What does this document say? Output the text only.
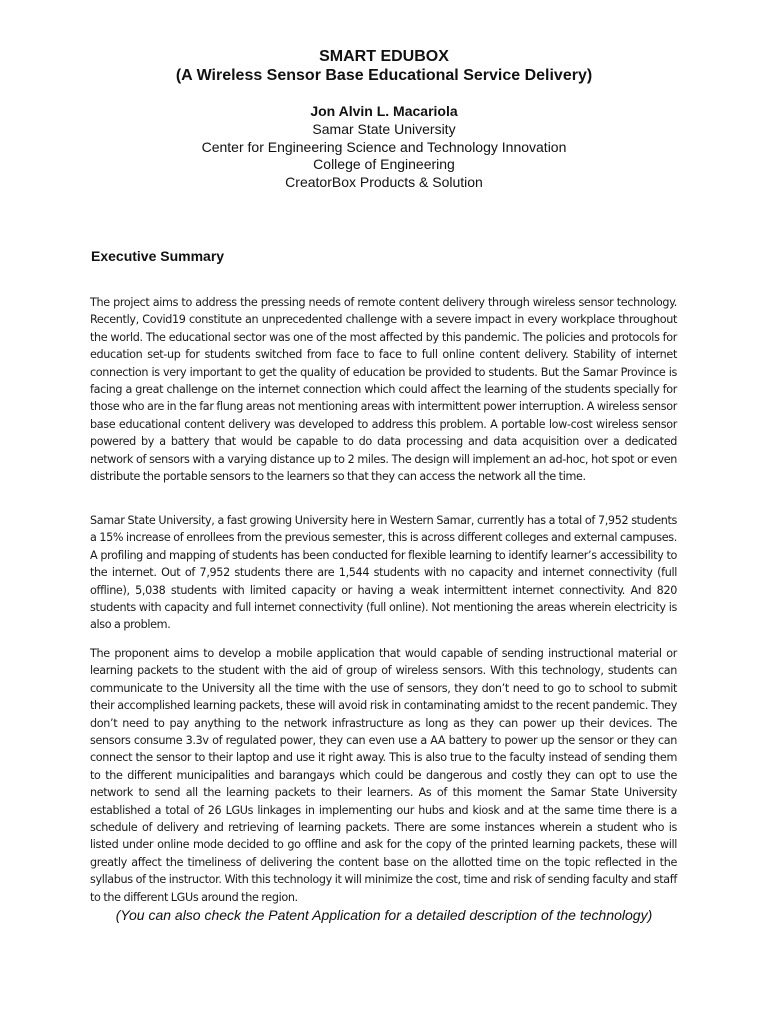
SMART EDUBOX
(A Wireless Sensor Base Educational Service Delivery)
Jon Alvin L. Macariola
Samar State University
Center for Engineering Science and Technology Innovation
College of Engineering
CreatorBox Products & Solution
Executive Summary

The project aims to address the pressing needs of remote content delivery through wireless sensor technology. Recently, Covid19 constitute an unprecedented challenge with a severe impact in every workplace throughout the world. The educational sector was one of the most affected by this pandemic. The policies and protocols for education set-up for students switched from face to face to full online content delivery. Stability of internet connection is very important to get the quality of education be provided to students. But the Samar Province is facing a great challenge on the internet connection which could affect the learning of the students specially for those who are in the far flung areas not mentioning areas with intermittent power interruption. A wireless sensor base educational content delivery was developed to address this problem. A portable low-cost wireless sensor powered by a battery that would be capable to do data processing and data acquisition over a dedicated network of sensors with a varying distance up to 2 miles. The design will implement an ad-hoc, hot spot or even distribute the portable sensors to the learners so that they can access the network all the time.

Samar State University, a fast growing University here in Western Samar, currently has a total of 7,952 students a 15% increase of enrollees from the previous semester, this is across different colleges and external campuses. A profiling and mapping of students has been conducted for flexible learning to identify learner’s accessibility to the internet. Out of 7,952 students there are 1,544 students with no capacity and internet connectivity (full offline), 5,038 students with limited capacity or having a weak intermittent internet connectivity. And 820 students with capacity and full internet connectivity (full online). Not mentioning the areas wherein electricity is also a problem.

The proponent aims to develop a mobile application that would capable of sending instructional material or learning packets to the student with the aid of group of wireless sensors. With this technology, students can communicate to the University all the time with the use of sensors, they don’t need to go to school to submit their accomplished learning packets, these will avoid risk in contaminating amidst to the recent pandemic. They don’t need to pay anything to the network infrastructure as long as they can power up their devices. The sensors consume 3.3v of regulated power, they can even use a AA battery to power up the sensor or they can connect the sensor to their laptop and use it right away. This is also true to the faculty instead of sending them to the different municipalities and barangays which could be dangerous and costly they can opt to use the network to send all the learning packets to their learners. As of this moment the Samar State University established a total of 26 LGUs linkages in implementing our hubs and kiosk and at the same time there is a schedule of delivery and retrieving of learning packets. There are some instances wherein a student who is listed under online mode decided to go offline and ask for the copy of the printed learning packets, these will greatly affect the timeliness of delivering the content base on the allotted time on the topic reflected in the syllabus of the instructor. With this technology it will minimize the cost, time and risk of sending faculty and staff to the different LGUs around the region.

(You can also check the Patent Application for a detailed description of the technology)
